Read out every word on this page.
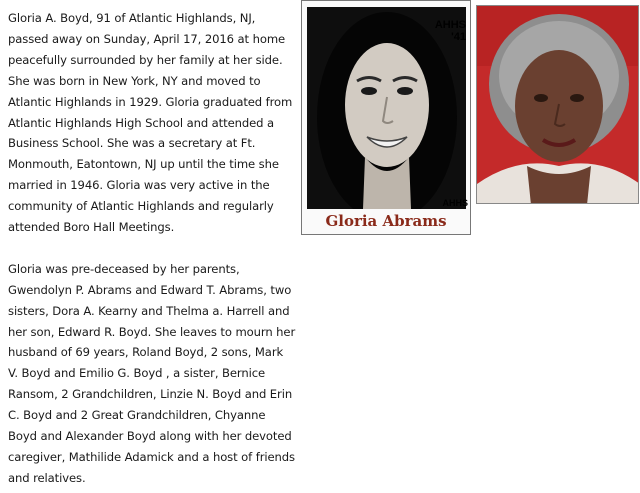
Gloria A. Boyd, 91 of Atlantic Highlands, NJ, passed away on Sunday, April 17, 2016 at home peacefully surrounded by her family at her side. She was born in New York, NY and moved to Atlantic Highlands in 1929. Gloria graduated from Atlantic Highlands High School and attended a Business School. She was a secretary at Ft. Monmouth, Eatontown, NJ up until the time she married in 1946. Gloria was very active in the community of Atlantic Highlands and regularly attended Boro Hall Meetings.

Gloria was pre-deceased by her parents, Gwendolyn P. Abrams and Edward T. Abrams, two sisters, Dora A. Kearny and Thelma a. Harrell and her son, Edward R. Boyd. She leaves to mourn her husband of 69 years, Roland Boyd, 2 sons, Mark V. Boyd and Emilio G. Boyd , a sister, Bernice Ransom, 2 Grandchildren, Linzie N. Boyd and Erin C. Boyd and 2 Great Grandchildren, Chyanne Boyd and Alexander Boyd along with her devoted caregiver, Mathilide Adamick and a host of friends and relatives.

AHHS
'41
AHHS
Gloria Abrams
